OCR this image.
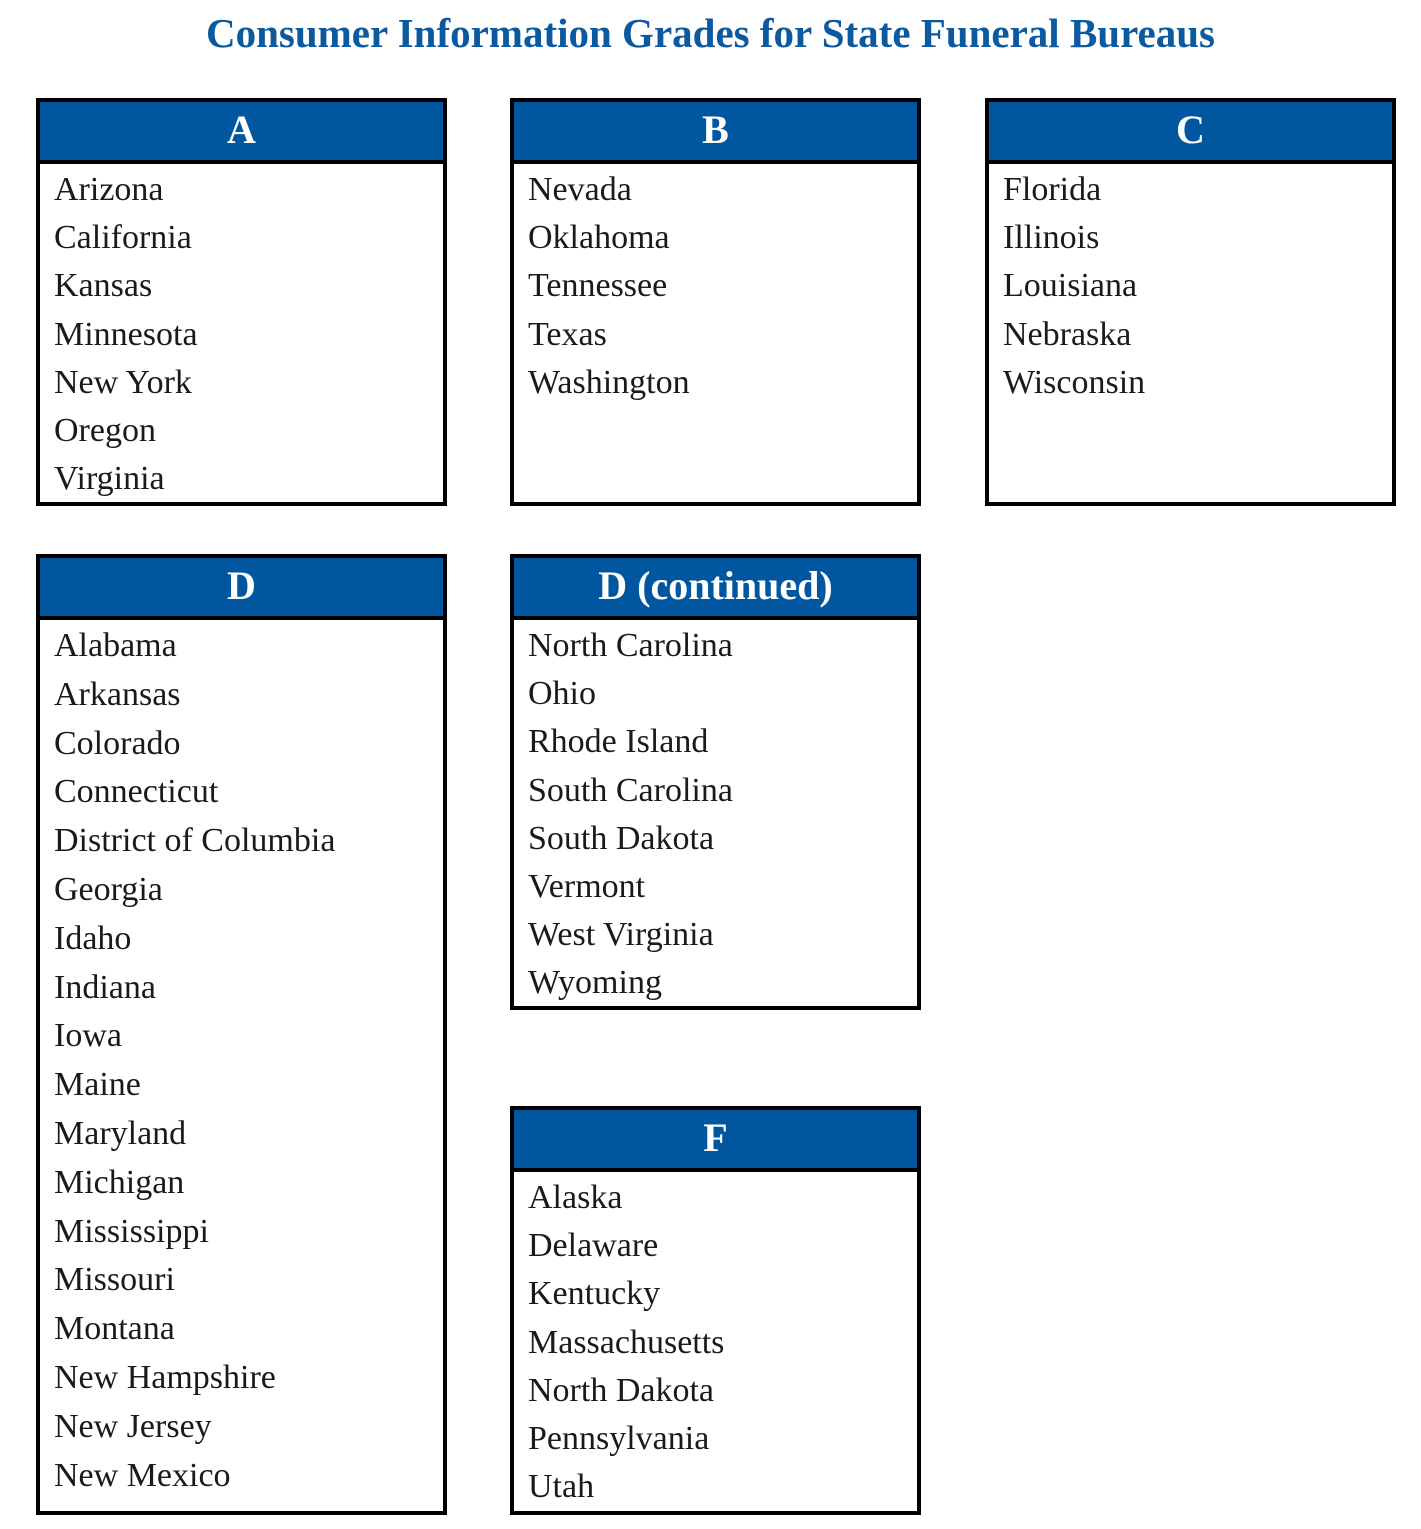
Consumer Information Grades for State Funeral Bureaus
A
Arizona
California
Kansas
Minnesota
New York
Oregon
Virginia
B
Nevada
Oklahoma
Tennessee
Texas
Washington
C
Florida
Illinois
Louisiana
Nebraska
Wisconsin
D
Alabama
Arkansas
Colorado
Connecticut
District of Columbia
Georgia
Idaho
Indiana
Iowa
Maine
Maryland
Michigan
Mississippi
Missouri
Montana
New Hampshire
New Jersey
New Mexico
D (continued)
North Carolina
Ohio
Rhode Island
South Carolina
South Dakota
Vermont
West Virginia
Wyoming
F
Alaska
Delaware
Kentucky
Massachusetts
North Dakota
Pennsylvania
Utah
